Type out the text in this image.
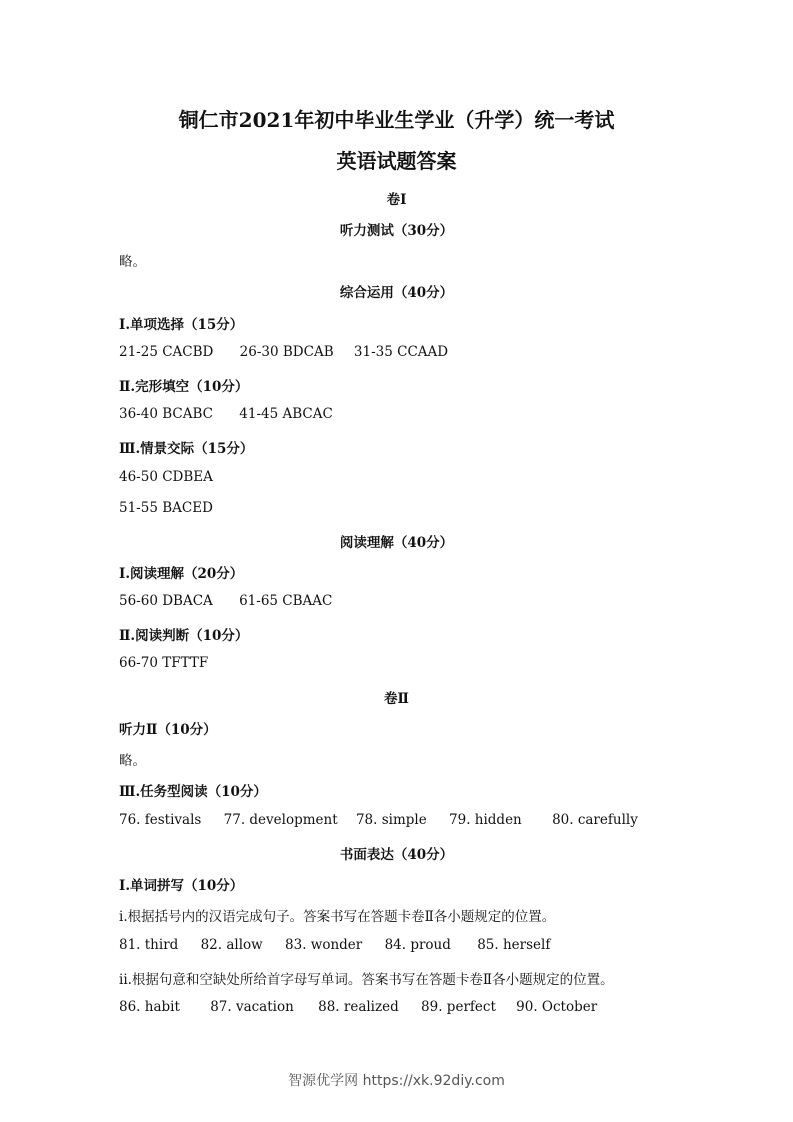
铜仁市2021年初中毕业生学业（升学）统一考试
英语试题答案
卷Ⅰ
听力测试（30分）
略。
综合运用（40分）
Ⅰ.单项选择（15分）
21-25 CACBD 26-30 BDCAB 31-35 CCAAD
Ⅱ.完形填空（10分）
36-40 BCABC 41-45 ABCAC
Ⅲ.情景交际（15分）
46-50 CDBEA
51-55 BACED
阅读理解（40分）
Ⅰ.阅读理解（20分）
56-60 DBACA 61-65 CBAAC
Ⅱ.阅读判断（10分）
66-70 TFTTF
卷Ⅱ
听力Ⅱ（10分）
略。
Ⅲ.任务型阅读（10分）
76. festivals 77. development 78. simple 79. hidden 80. carefully
书面表达（40分）
Ⅰ.单词拼写（10分）
i.根据括号内的汉语完成句子。答案书写在答题卡卷Ⅱ各小题规定的位置。
81. third 82. allow 83. wonder 84. proud 85. herself
ii.根据句意和空缺处所给首字母写单词。答案书写在答题卡卷Ⅱ各小题规定的位置。
86. habit 87. vacation 88. realized 89. perfect 90. October
智源优学网 https://xk.92diy.com
